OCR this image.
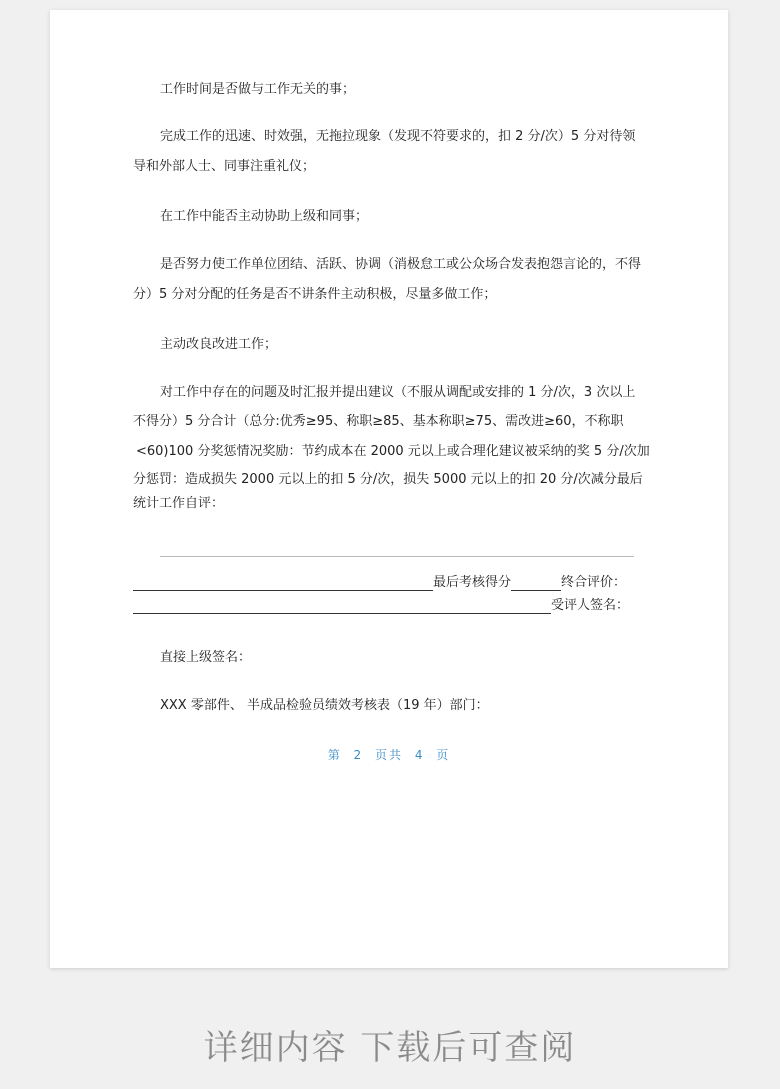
工作时间是否做与工作无关的事；
完成工作的迅速、时效强，无拖拉现象（发现不符要求的，扣 2 分/次）5 分对待领
导和外部人士、同事注重礼仪；
在工作中能否主动协助上级和同事；
是否努力使工作单位团结、活跃、协调（消极怠工或公众场合发表抱怨言论的，不得
分）5 分对分配的任务是否不讲条件主动积极，尽量多做工作；
主动改良改进工作；
对工作中存在的问题及时汇报并提出建议（不服从调配或安排的 1 分/次，3 次以上
不得分）5 分合计（总分:优秀≥95、称职≥85、基本称职≥75、需改进≥60，不称职
<60)100 分奖惩情况奖励：节约成本在 2000 元以上或合理化建议被采纳的奖 5 分/次加
分惩罚：造成损失 2000 元以上的扣 5 分/次，损失 5000 元以上的扣 20 分/次减分最后
统计工作自评：
最后考核得分	终合评价：
受评人签名：
直接上级签名：
XXX 零部件、 半成品检验员绩效考核表（19 年）部门：
第 2 页共 4 页
详细内容 下载后可查阅
